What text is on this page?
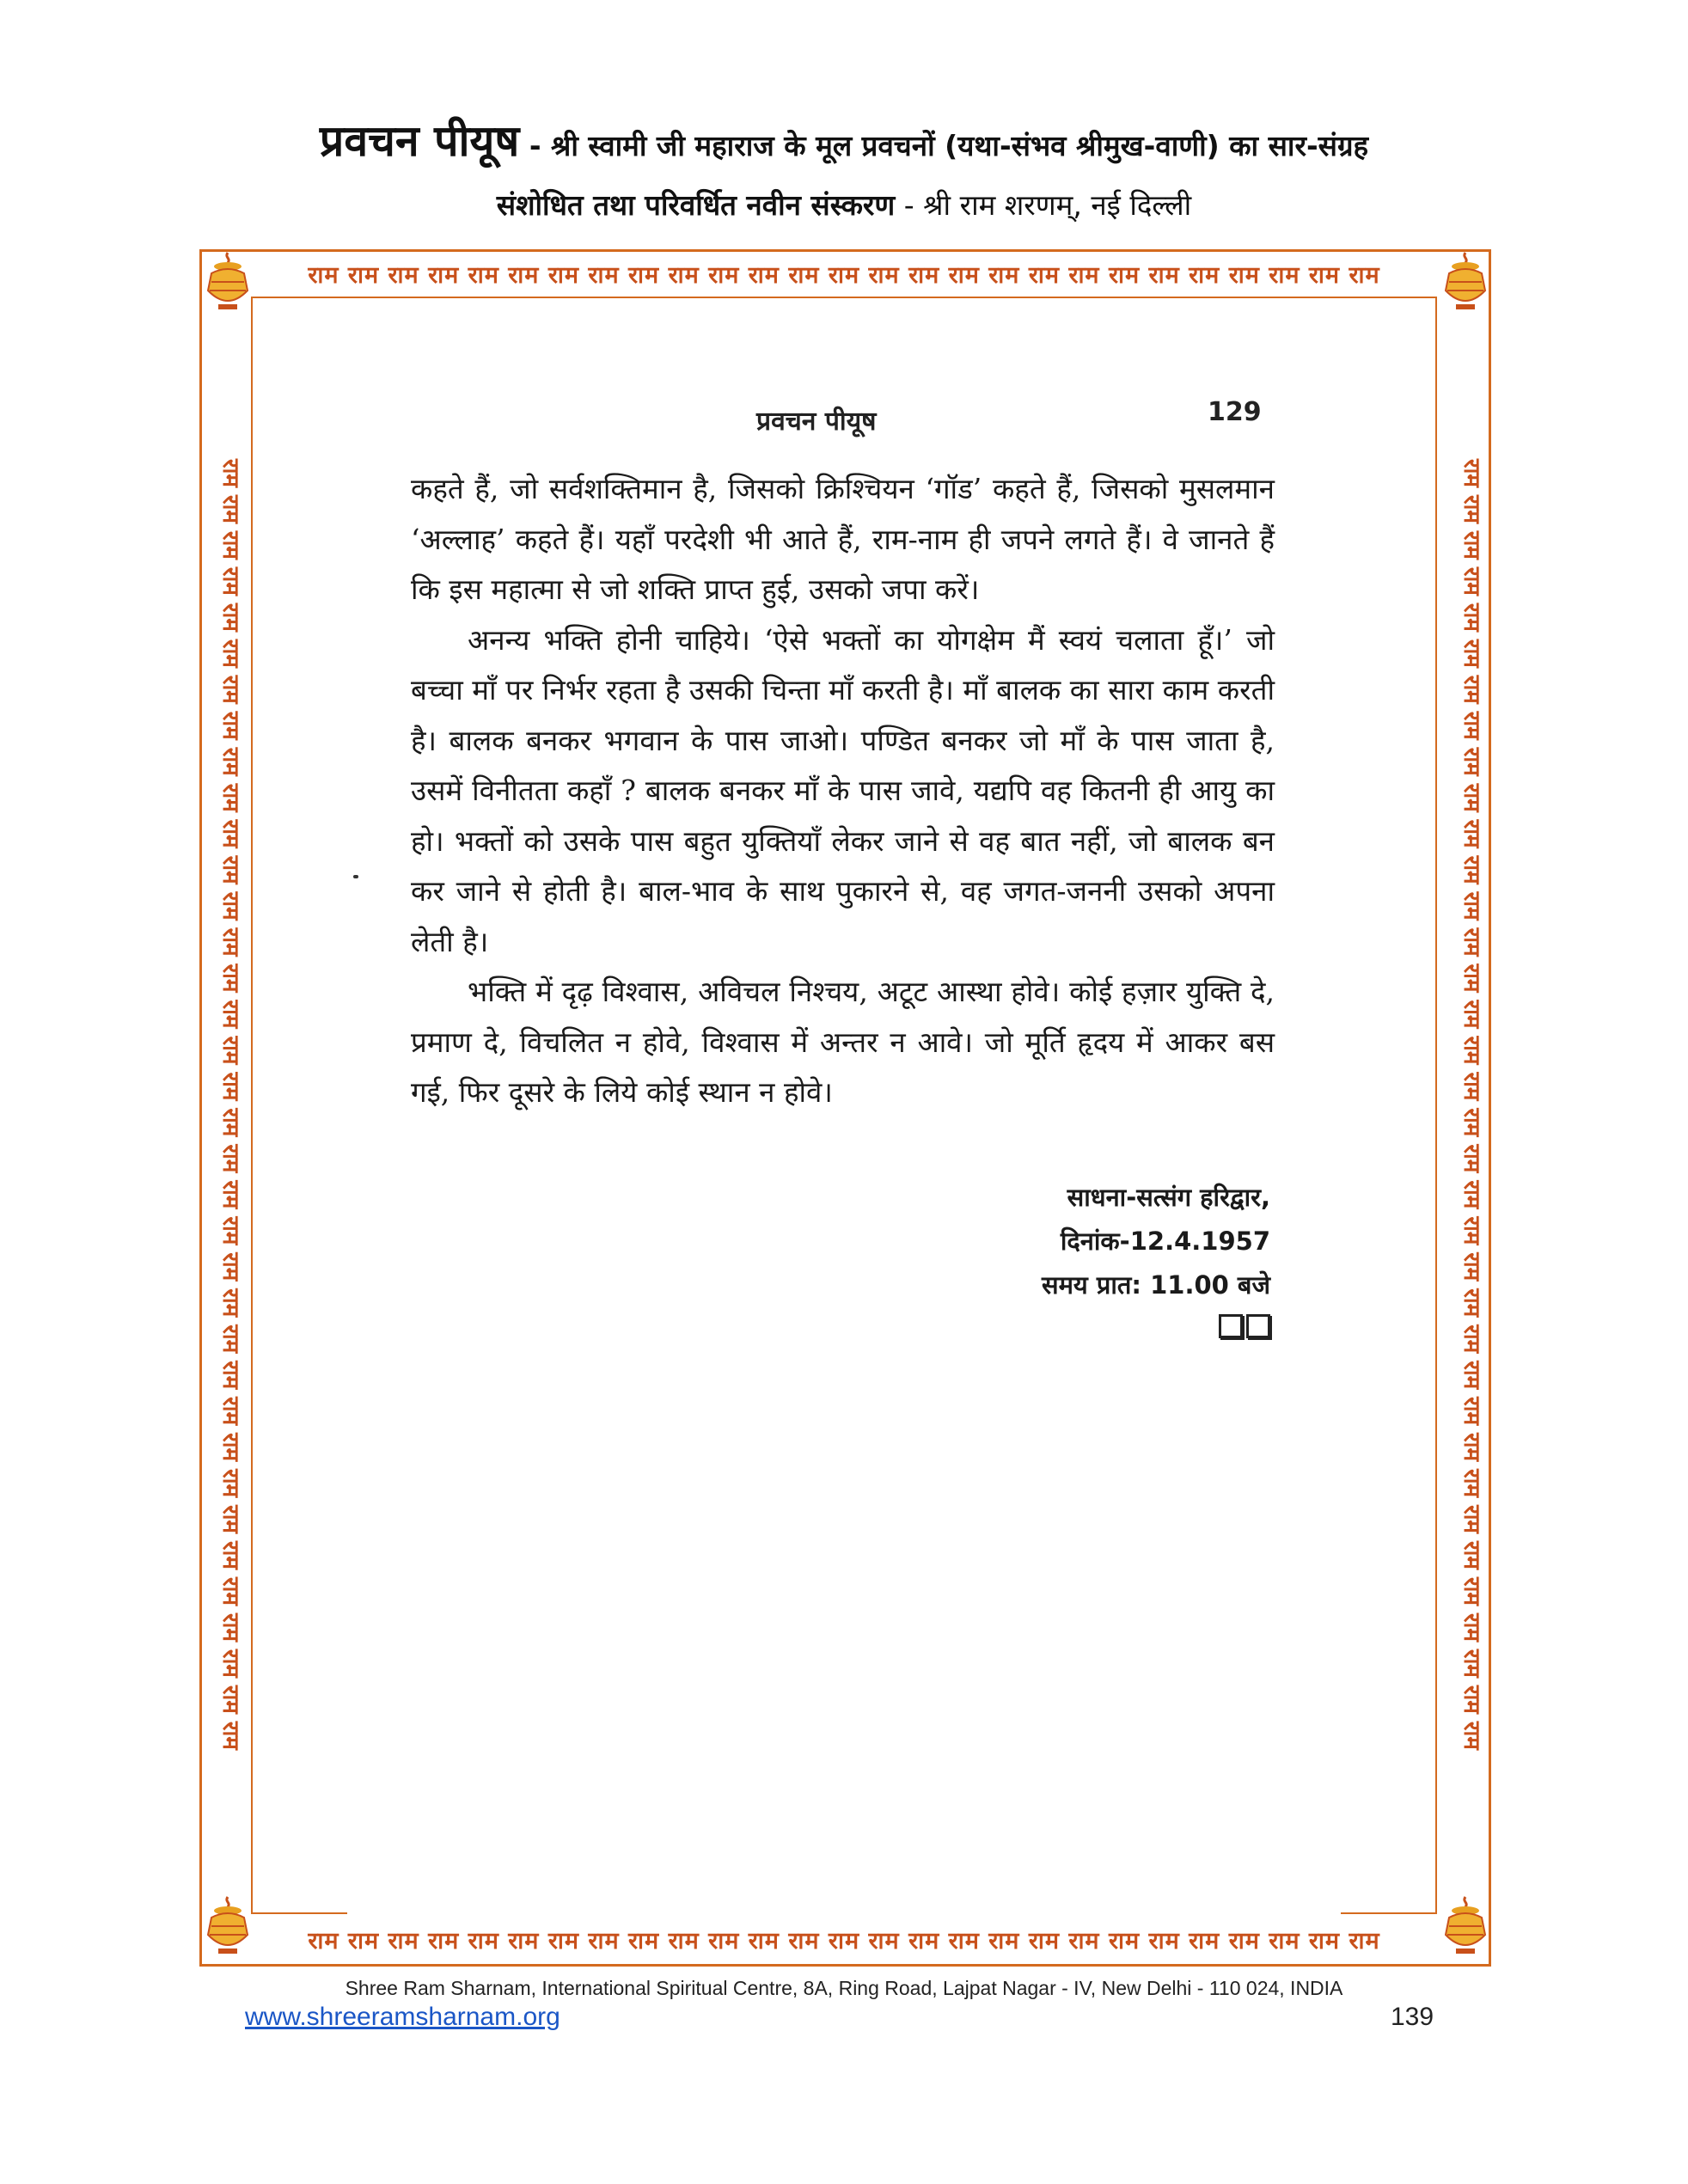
प्रवचन पीयूष - श्री स्वामी जी महाराज के मूल प्रवचनों (यथा-संभव श्रीमुख-वाणी) का सार-संग्रह
संशोधित तथा परिवर्धित नवीन संस्करण - श्री राम शरणम्, नई दिल्ली
राम राम राम राम राम राम राम राम राम राम राम राम राम राम राम राम राम राम राम राम राम राम राम राम राम राम राम
राम राम राम राम राम राम राम राम राम राम राम राम राम राम राम राम राम राम राम राम राम राम राम राम राम राम राम
राम राम राम राम राम राम राम राम राम राम राम राम राम राम राम राम राम राम राम राम राम राम राम राम राम राम राम राम राम राम राम राम राम राम राम राम	राम राम राम राम राम राम राम राम राम राम राम राम राम राम राम राम राम राम राम राम राम राम राम राम राम राम राम राम राम राम राम राम राम राम राम राम
प्रवचन पीयूष	129

कहते हैं, जो सर्वशक्तिमान है, जिसको क्रिश्चियन ‘गॉड’ कहते हैं, जिसको मुसलमान ‘अल्लाह’ कहते हैं। यहाँ परदेशी भी आते हैं, राम-नाम ही जपने लगते हैं। वे जानते हैं कि इस महात्मा से जो शक्ति प्राप्त हुई, उसको जपा करें।

अनन्य भक्ति होनी चाहिये। ‘ऐसे भक्तों का योगक्षेम मैं स्वयं चलाता हूँ।’ जो बच्चा माँ पर निर्भर रहता है उसकी चिन्ता माँ करती है। माँ बालक का सारा काम करती है। बालक बनकर भगवान के पास जाओ। पण्डित बनकर जो माँ के पास जाता है, उसमें विनीतता कहाँ ? बालक बनकर माँ के पास जावे, यद्यपि वह कितनी ही आयु का हो। भक्तों को उसके पास बहुत युक्तियाँ लेकर जाने से वह बात नहीं, जो बालक बन कर जाने से होती है। बाल-भाव के साथ पुकारने से, वह जगत-जननी उसको अपना लेती है।

भक्ति में दृढ़ विश्वास, अविचल निश्चय, अटूट आस्था होवे। कोई हज़ार युक्ति दे, प्रमाण दे, विचलित न होवे, विश्वास में अन्तर न आवे। जो मूर्ति हृदय में आकर बस गई, फिर दूसरे के लिये कोई स्थान न होवे।

साधना-सत्संग हरिद्वार,
दिनांक-12.4.1957
समय प्रात: 11.00 बजे
Shree Ram Sharnam, International Spiritual Centre, 8A, Ring Road, Lajpat Nagar - IV, New Delhi - 110 024, INDIA
www.shreeramsharnam.org	139
